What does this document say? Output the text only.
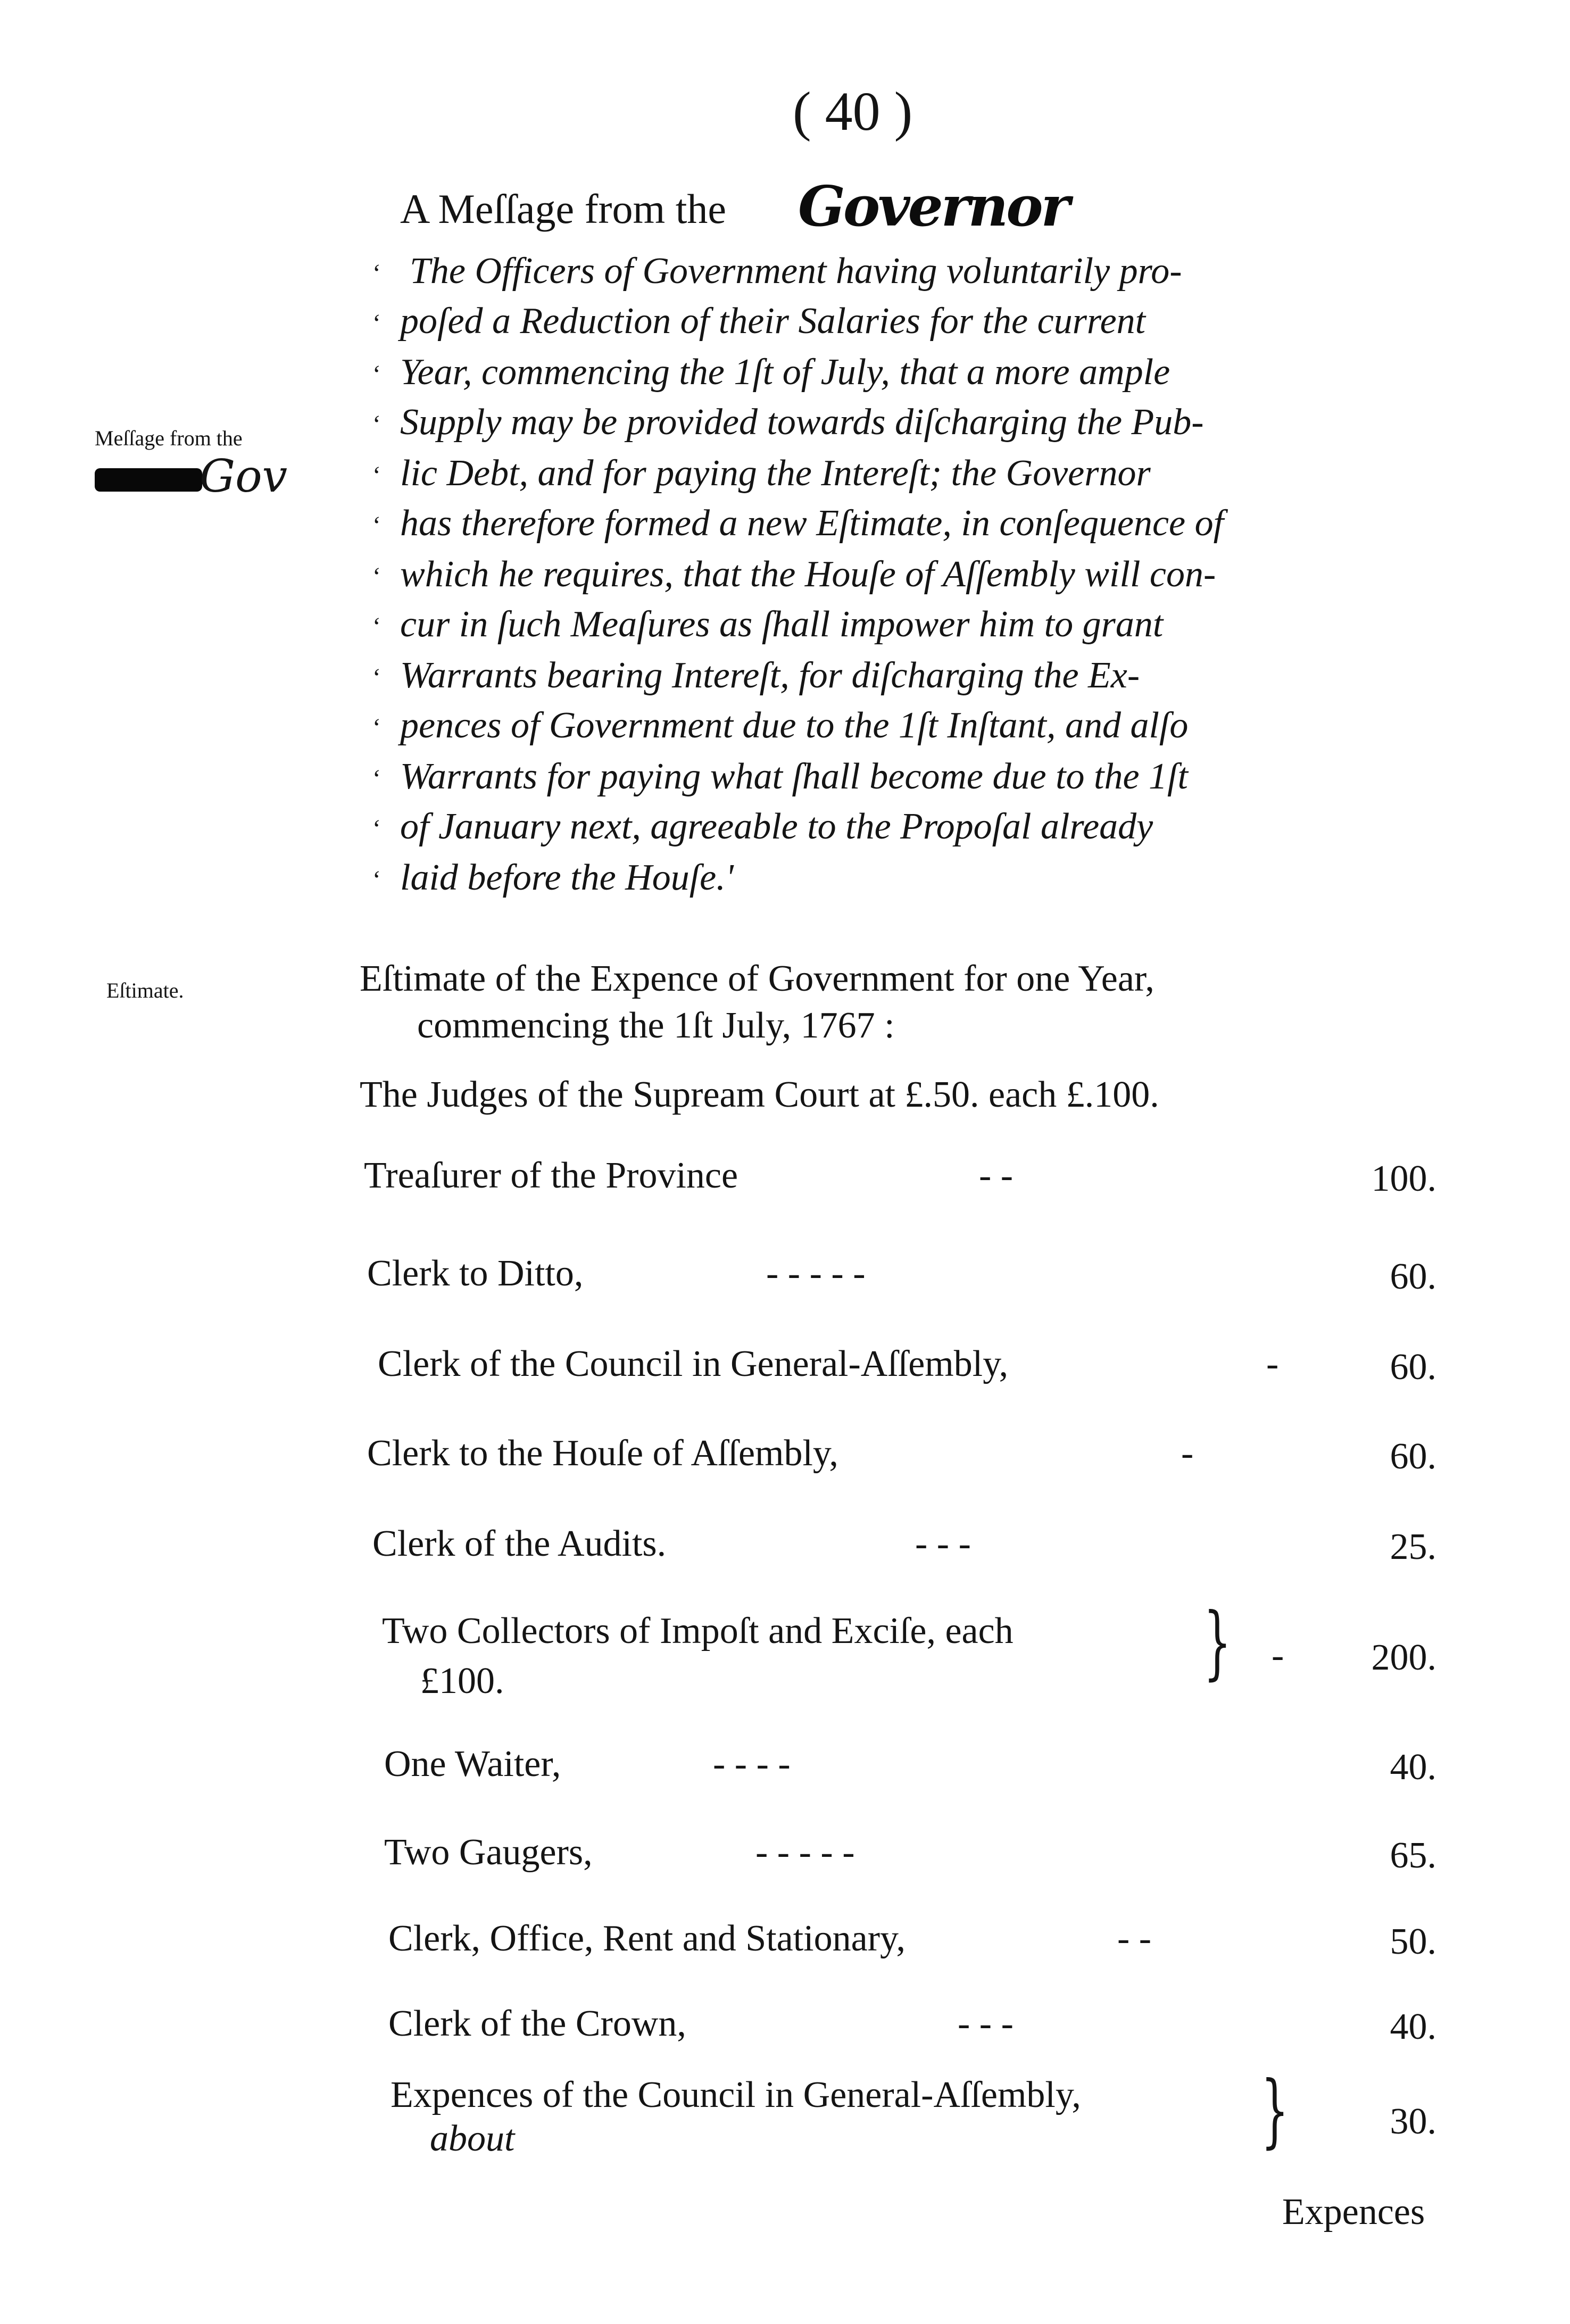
( 40 )
A Meſſage from the Governor
‘ The Officers of Government having voluntarily pro-
‘ poſed a Reduction of their Salaries for the current
‘ Year, commencing the 1ſt of July, that a more ample
‘ Supply may be provided towards diſcharging the Pub-
‘ lic Debt, and for paying the Intereſt; the Governor
‘ has therefore formed a new Eſtimate, in conſequence of
‘ which he requires, that the Houſe of Aſſembly will con-
‘ cur in ſuch Meaſures as ſhall impower him to grant
‘ Warrants bearing Intereſt, for diſcharging the Ex-
‘ pences of Government due to the 1ſt Inſtant, and alſo
‘ Warrants for paying what ſhall become due to the 1ſt
‘ of January next, agreeable to the Propoſal already
‘ laid before the Houſe.'
Meſſage from the
Gov
Eſtimate.	Eſtimate of the Expence of Government for one Year,
commencing the 1ſt July, 1767 :
The Judges of the Supream Court at £.50. each £.100.
Treaſurer of the Province	- -	100.
Clerk to Ditto,	- - - - -	60.
Clerk of the Council in General-Aſſembly,	-	60.
Clerk to the Houſe of Aſſembly,	-	60.
Clerk of the Audits.	- - -	25.
Two Collectors of Impoſt and Exciſe, each
£100.	} -	200.
One Waiter,	- - - -	40.
Two Gaugers,	- - - - -	65.
Clerk, Office, Rent and Stationary,	- -	50.
Clerk of the Crown,	- - -	40.
Expences of the Council in General-Aſſembly,
about	}	30.
Expences
